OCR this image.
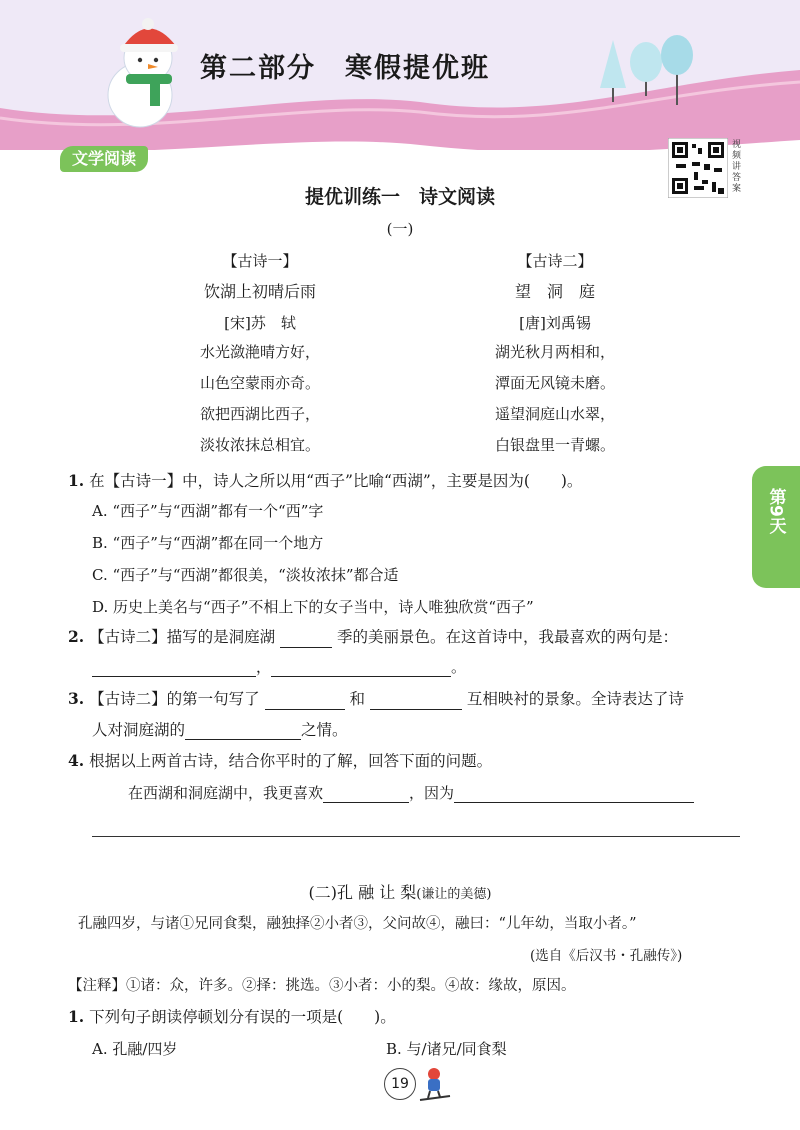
第二部分　寒假提优班
文学阅读
视频讲答案
提优训练一　诗文阅读
(一)
【古诗一】
饮湖上初晴后雨
[宋]苏　轼
水光潋滟晴方好，
山色空蒙雨亦奇。
欲把西湖比西子，
淡妆浓抹总相宜。
【古诗二】
望　洞　庭
[唐]刘禹锡
湖光秋月两相和，
潭面无风镜未磨。
遥望洞庭山水翠，
白银盘里一青螺。
1. 在【古诗一】中，诗人之所以用“西子”比喻“西湖”，主要是因为(　　)。
A. “西子”与“西湖”都有一个“西”字
B. “西子”与“西湖”都在同一个地方
C. “西子”与“西湖”都很美，“淡妆浓抹”都合适
D. 历史上美名与“西子”不相上下的女子当中，诗人唯独欣赏“西子”
2. 【古诗二】描写的是洞庭湖	季的美丽景色。在这首诗中，我最喜欢的两句是：
，	。
3. 【古诗二】的第一句写了	和	互相映衬的景象。全诗表达了诗
人对洞庭湖的	之情。
4. 根据以上两首古诗，结合你平时的了解，回答下面的问题。
在西湖和洞庭湖中，我更喜欢	，因为
(二)孔 融 让 梨(谦让的美德)
孔融四岁，与诸①兄同食梨，融独择②小者③，父问故④，融曰：“儿年幼，当取小者。”
(选自《后汉书・孔融传》)
【注释】①诸：众，许多。②择：挑选。③小者：小的梨。④故：缘故，原因。
1. 下列句子朗读停顿划分有误的一项是(　　)。
A. 孔融/四岁	B. 与/诸兄/同食梨
第9天
19
